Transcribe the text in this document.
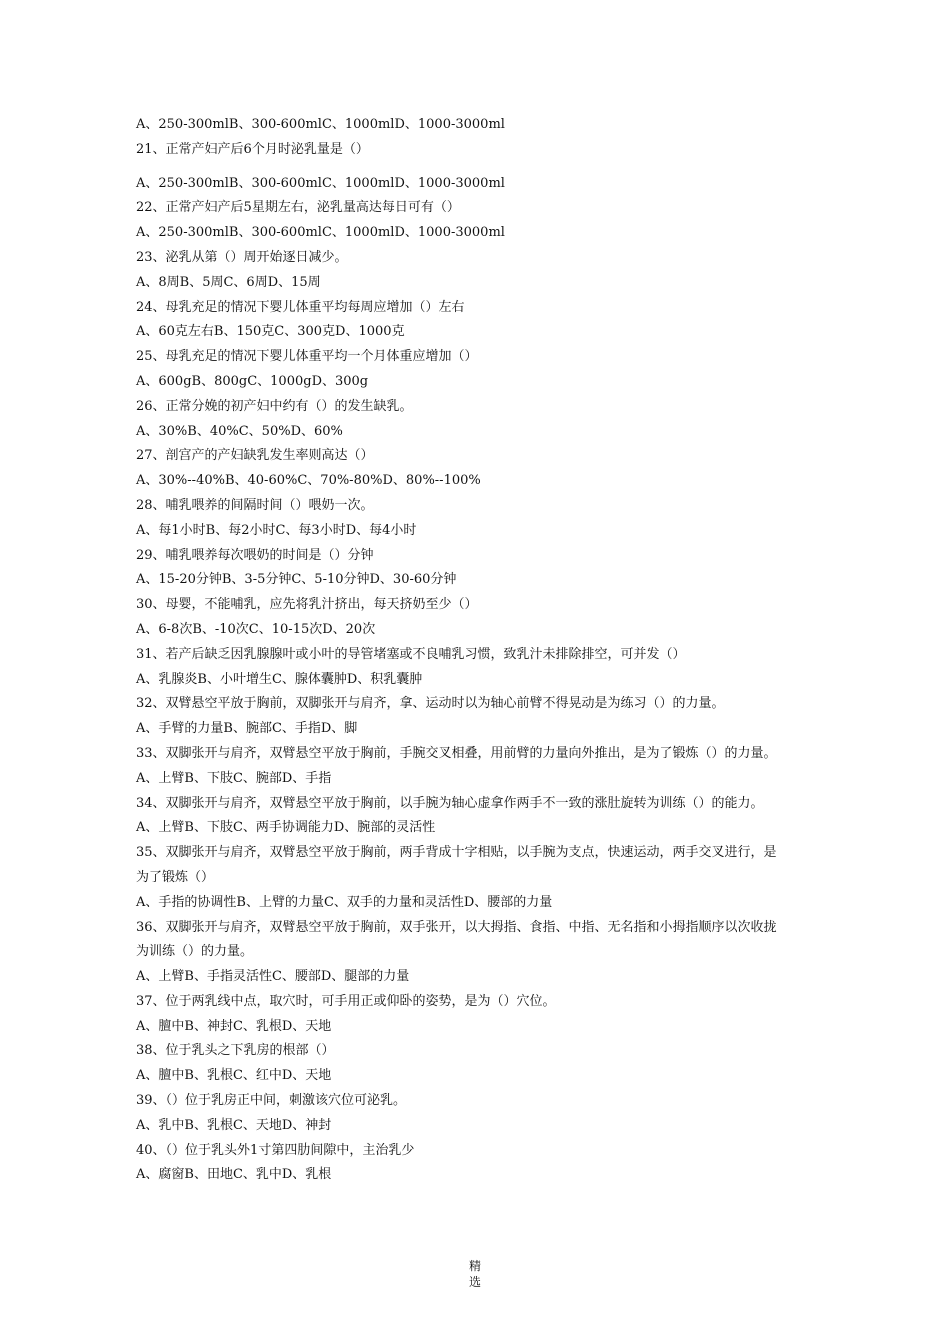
A、250-300mlB、300-600mlC、1000mlD、1000-3000ml
21、正常产妇产后6个月时泌乳量是（）
A、250-300mlB、300-600mlC、1000mlD、1000-3000ml
22、正常产妇产后5星期左右，泌乳量高达每日可有（）
A、250-300mlB、300-600mlC、1000mlD、1000-3000ml
23、泌乳从第（）周开始逐日减少。
A、8周B、5周C、6周D、15周
24、母乳充足的情况下婴儿体重平均每周应增加（）左右
A、60克左右B、150克C、300克D、1000克
25、母乳充足的情况下婴儿体重平均一个月体重应增加（）
A、600gB、800gC、1000gD、300g
26、正常分娩的初产妇中约有（）的发生缺乳。
A、30%B、40%C、50%D、60%
27、剖宫产的产妇缺乳发生率则高达（）
A、30%--40%B、40-60%C、70%-80%D、80%--100%
28、哺乳喂养的间隔时间（）喂奶一次。
A、每1小时B、每2小时C、每3小时D、每4小时
29、哺乳喂养每次喂奶的时间是（）分钟
A、15-20分钟B、3-5分钟C、5-10分钟D、30-60分钟
30、母婴，不能哺乳，应先将乳汁挤出，每天挤奶至少（）
A、6-8次B、-10次C、10-15次D、20次
31、若产后缺乏因乳腺腺叶或小叶的导管堵塞或不良哺乳习惯，致乳汁未排除排空，可并发（）
A、乳腺炎B、小叶增生C、腺体囊肿D、积乳囊肿
32、双臂悬空平放于胸前，双脚张开与肩齐，拿、运动时以为轴心前臂不得晃动是为练习（）的力量。
A、手臂的力量B、腕部C、手指D、脚
33、双脚张开与肩齐，双臂悬空平放于胸前，手腕交叉相叠，用前臂的力量向外推出，是为了锻炼（）的力量。
A、上臂B、下肢C、腕部D、手指
34、双脚张开与肩齐，双臂悬空平放于胸前，以手腕为轴心虚拿作两手不一致的涨肚旋转为训练（）的能力。
A、上臂B、下肢C、两手协调能力D、腕部的灵活性
35、双脚张开与肩齐，双臂悬空平放于胸前，两手背成十字相贴，以手腕为支点，快速运动，两手交叉进行，是
为了锻炼（）
A、手指的协调性B、上臂的力量C、双手的力量和灵活性D、腰部的力量
36、双脚张开与肩齐，双臂悬空平放于胸前，双手张开，以大拇指、食指、中指、无名指和小拇指顺序以次收拢
为训练（）的力量。
A、上臂B、手指灵活性C、腰部D、腿部的力量
37、位于两乳线中点，取穴时，可手用正或仰卧的姿势，是为（）穴位。
A、膻中B、神封C、乳根D、天地
38、位于乳头之下乳房的根部（）
A、膻中B、乳根C、红中D、天地
39、（）位于乳房正中间，刺激该穴位可泌乳。
A、乳中B、乳根C、天地D、神封
40、（）位于乳头外1寸第四肋间隙中，主治乳少
A、腐窗B、田地C、乳中D、乳根
精
选
